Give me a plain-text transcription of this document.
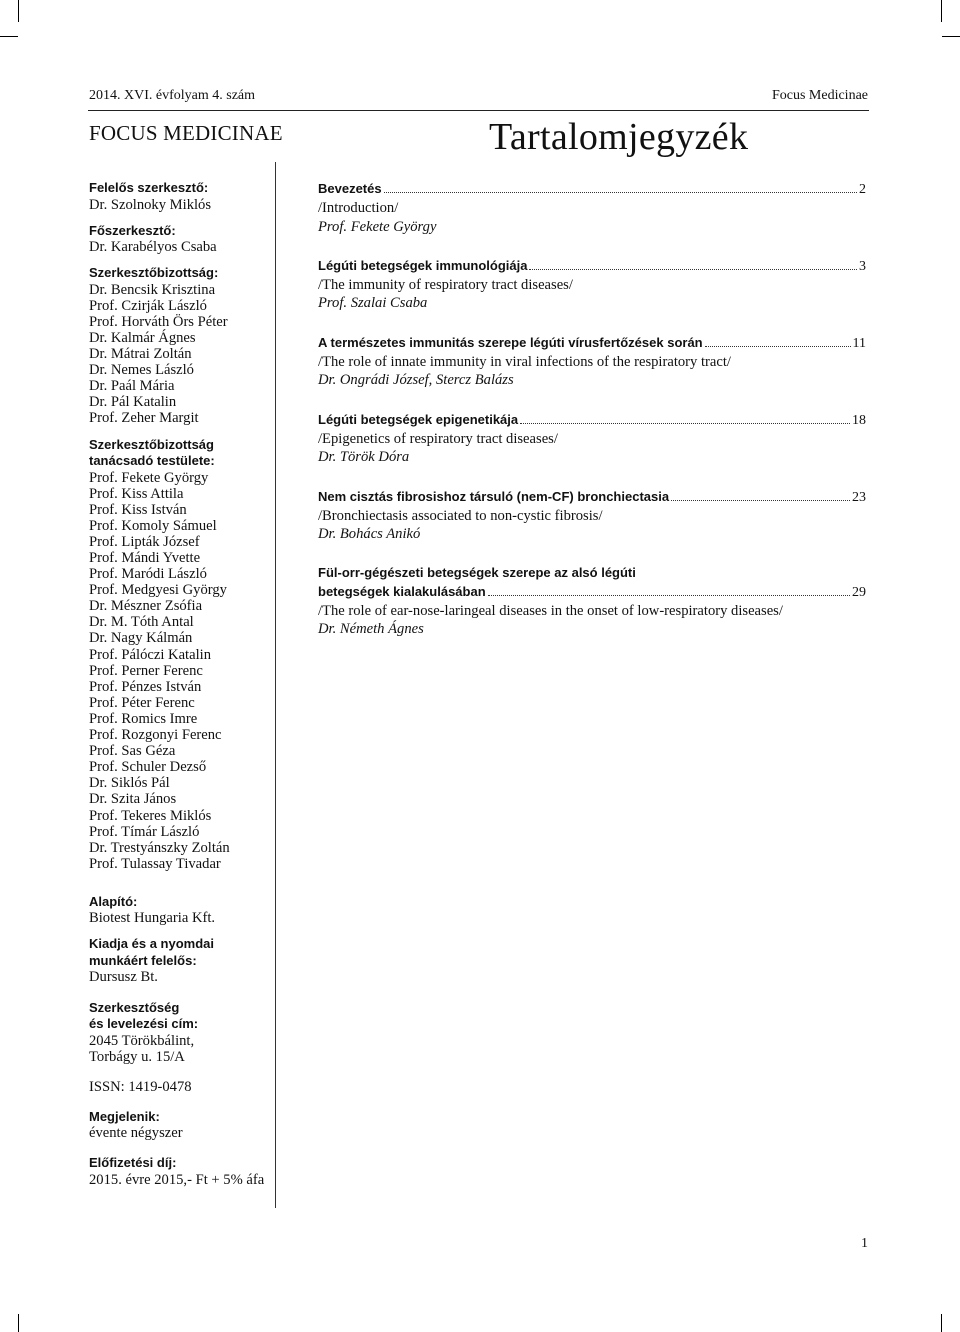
2014. XVI. évfolyam 4. szám	Focus Medicinae
FOCUS MEDICINAE	Tartalomjegyzék
Felelős szerkesztő:
Dr. Szolnoky Miklós
Főszerkesztő:
Dr. Karabélyos Csaba
Szerkesztőbizottság:
Dr. Bencsik Krisztina
Prof. Czirják László
Prof. Horváth Örs Péter
Dr. Kalmár Ágnes
Dr. Mátrai Zoltán
Dr. Nemes László
Dr. Paál Mária
Dr. Pál Katalin
Prof. Zeher Margit
Szerkesztőbizottság
tanácsadó testülete:
Prof. Fekete György
Prof. Kiss Attila
Prof. Kiss István
Prof. Komoly Sámuel
Prof. Lipták József
Prof. Mándi Yvette
Prof. Maródi László
Prof. Medgyesi György
Dr. Mészner Zsófia
Dr. M. Tóth Antal
Dr. Nagy Kálmán
Prof. Pálóczi Katalin
Prof. Perner Ferenc
Prof. Pénzes István
Prof. Péter Ferenc
Prof. Romics Imre
Prof. Rozgonyi Ferenc
Prof. Sas Géza
Prof. Schuler Dezső
Dr. Siklós Pál
Dr. Szita János
Prof. Tekeres Miklós
Prof. Tímár László
Dr. Trestyánszky Zoltán
Prof. Tulassay Tivadar
Alapító:
Biotest Hungaria Kft.
Kiadja és a nyomdai
munkáért felelős:
Dursusz Bt.
Szerkesztőség
és levelezési cím:
2045 Törökbálint,
Torbágy u. 15/A
ISSN: 1419-0478
Megjelenik:
évente négyszer
Előfizetési díj:
2015. évre 2015,- Ft + 5% áfa
Bevezetés	2
/Introduction/
Prof. Fekete György
Légúti betegségek immunológiája	3
/The immunity of respiratory tract diseases/
Prof. Szalai Csaba
A természetes immunitás szerepe légúti vírusfertőzések során	11
/The role of innate immunity in viral infections of the respiratory tract/
Dr. Ongrádi József, Stercz Balázs
Légúti betegségek epigenetikája	18
/Epigenetics of respiratory tract diseases/
Dr. Török Dóra
Nem cisztás fibrosishoz társuló (nem-CF) bronchiectasia	23
/Bronchiectasis associated to non-cystic fibrosis/
Dr. Bohács Anikó
Fül-orr-gégészeti betegségek szerepe az alsó légúti
betegségek kialakulásában	29
/The role of ear-nose-laringeal diseases in the onset of low-respiratory diseases/
Dr. Németh Ágnes
1
